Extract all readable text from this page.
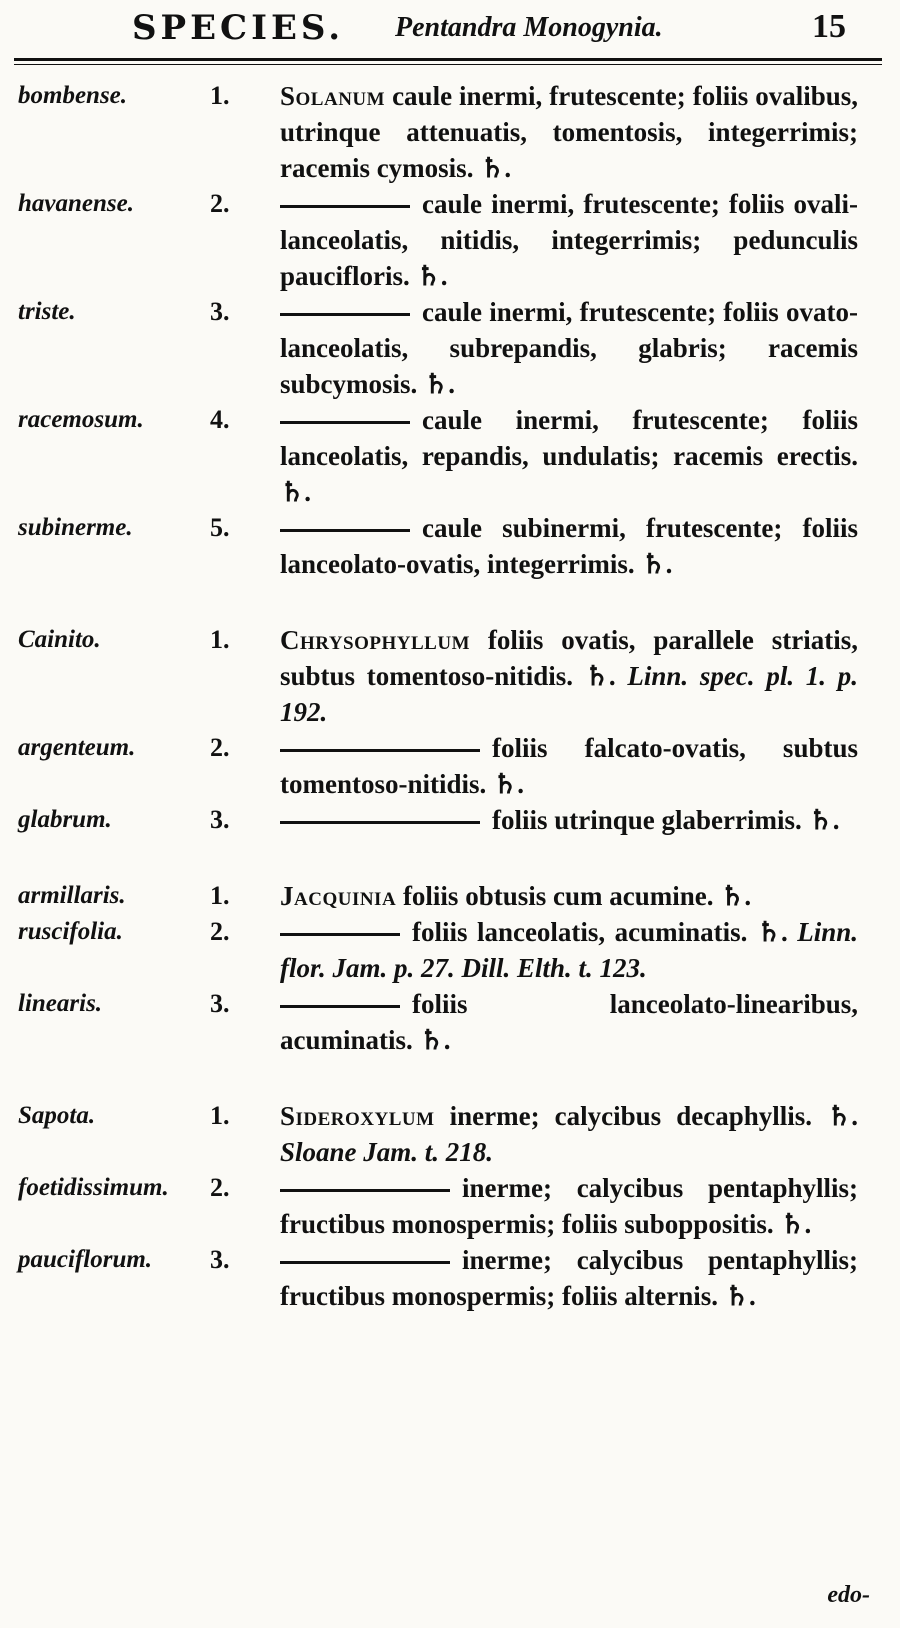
SPECIES. Pentandra Monogynia.	15
bombense.	1. Solanum caule inermi, frutescente; foliis ovalibus, utrinque attenuatis, tomentosis, integerrimis; racemis cymosis. ♄.
havanense.	2.	caule inermi, frutescente; foliis ovali-lanceolatis, nitidis, integerrimis; pedunculis paucifloris. ♄.
triste.	3.	caule inermi, frutescente; foliis ovato-lanceolatis, subrepandis, glabris; racemis subcymosis. ♄.
racemosum.	4.	caule inermi, frutescente; foliis lanceolatis, repandis, undulatis; racemis erectis. ♄.
subinerme.	5.	caule subinermi, frutescente; foliis lanceolato-ovatis, integerrimis. ♄.
Cainito.	1. Chrysophyllum foliis ovatis, parallele striatis, subtus tomentoso-nitidis. ♄. Linn. spec. pl. 1. p. 192.
argenteum.	2.	foliis falcato-ovatis, subtus tomentoso-nitidis. ♄.
glabrum.	3.	foliis utrinque glaberrimis. ♄.
armillaris.	1. Jacquinia foliis obtusis cum acumine. ♄.
ruscifolia.	2.	foliis lanceolatis, acuminatis. ♄. Linn. flor. Jam. p. 27. Dill. Elth. t. 123.
linearis.	3.	foliis lanceolato-linearibus, acuminatis. ♄.
Sapota.	1. Sideroxylum inerme; calycibus decaphyllis. ♄. Sloane Jam. t. 218.
foetidissimum. 2.	inerme; calycibus pentaphyllis; fructibus monospermis; foliis suboppositis. ♄.
pauciflorum. 3.	inerme; calycibus pentaphyllis; fructibus monospermis; foliis alternis. ♄.
edo-
